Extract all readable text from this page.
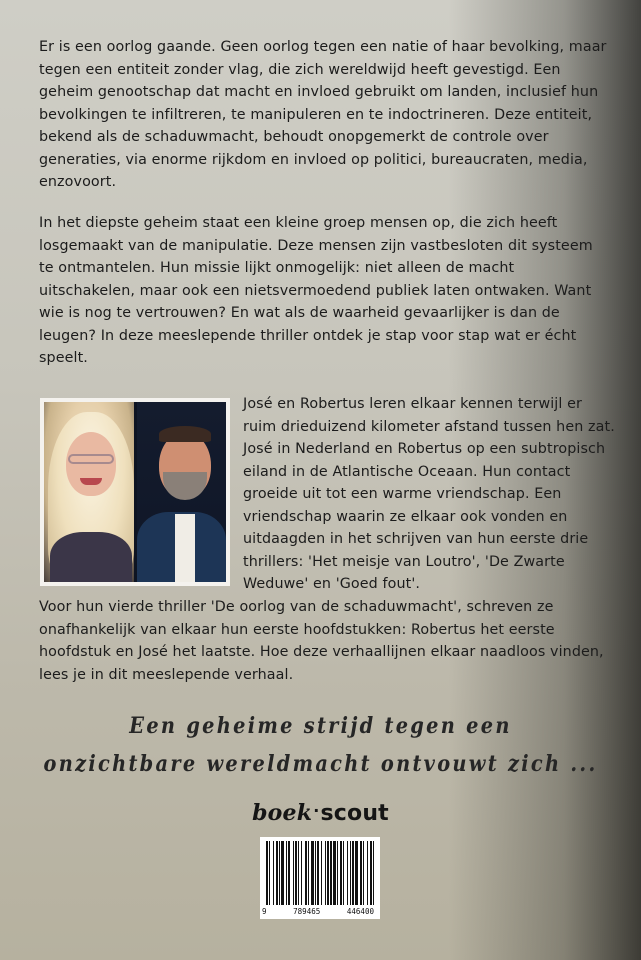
Er is een oorlog gaande. Geen oorlog tegen een natie of haar bevolking, maar tegen een entiteit zonder vlag, die zich wereldwijd heeft gevestigd. Een geheim genootschap dat macht en invloed gebruikt om landen, inclusief hun bevolkingen te infiltreren, te manipuleren en te indoctrineren. Deze entiteit, bekend als de schaduwmacht, behoudt onopgemerkt de controle over generaties, via enorme rijkdom en invloed op politici, bureaucraten, media, enzovoort.

In het diepste geheim staat een kleine groep mensen op, die zich heeft losgemaakt van de manipulatie. Deze mensen zijn vastbesloten dit systeem te ontmantelen. Hun missie lijkt onmogelijk: niet alleen de macht uitschakelen, maar ook een nietsvermoedend publiek laten ontwaken. Want wie is nog te vertrouwen? En wat als de waarheid gevaarlijker is dan de leugen? In deze meeslepende thriller ontdek je stap voor stap wat er écht speelt.

José en Robertus leren elkaar kennen terwijl er ruim drieduizend kilometer afstand tussen hen zat. José in Nederland en Robertus op een subtropisch eiland in de Atlantische Oceaan. Hun contact groeide uit tot een warme vriendschap. Een vriendschap waarin ze elkaar ook vonden en uitdaagden in het schrijven van hun eerste drie thrillers: 'Het meisje van Loutro', 'De Zwarte Weduwe' en 'Goed fout'.

Voor hun vierde thriller 'De oorlog van de schaduwmacht', schreven ze onafhankelijk van elkaar hun eerste hoofdstukken: Robertus het eerste hoofdstuk en José het laatste. Hoe deze verhaallijnen elkaar naadloos vinden, lees je in dit meeslepende verhaal.

Een geheime strijd tegen een

onzichtbare wereldmacht ontvouwt zich ...

boek·scout
9	789465	446400
